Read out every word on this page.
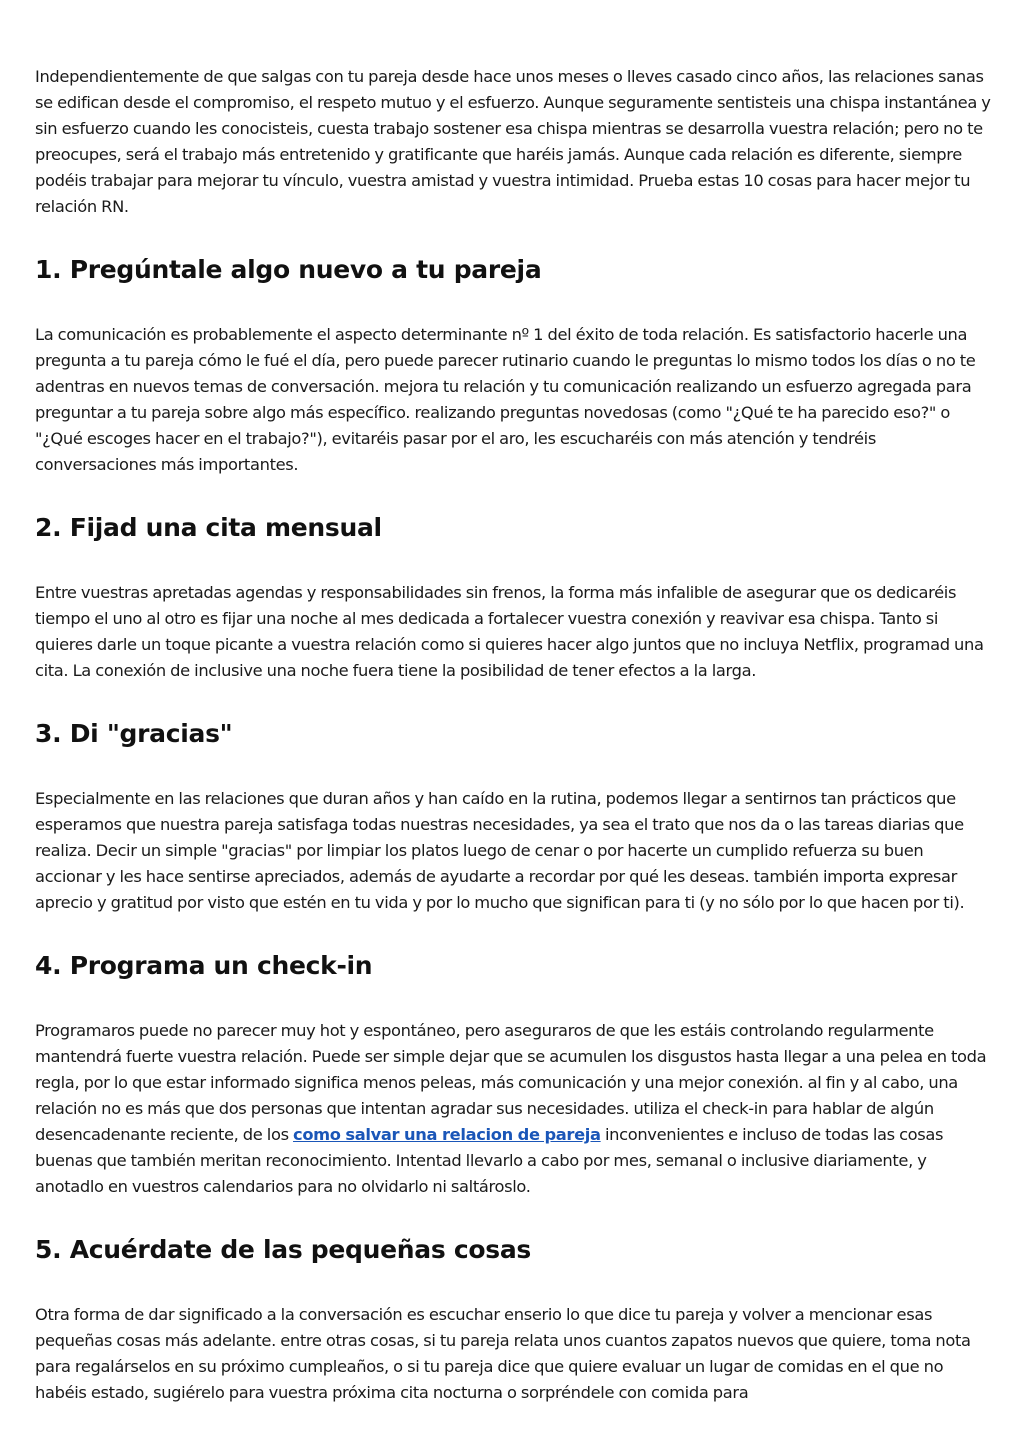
Independientemente de que salgas con tu pareja desde hace unos meses o lleves casado cinco años, las relaciones sanas se edifican desde el compromiso, el respeto mutuo y el esfuerzo. Aunque seguramente sentisteis una chispa instantánea y sin esfuerzo cuando les conocisteis, cuesta trabajo sostener esa chispa mientras se desarrolla vuestra relación; pero no te preocupes, será el trabajo más entretenido y gratificante que haréis jamás. Aunque cada relación es diferente, siempre podéis trabajar para mejorar tu vínculo, vuestra amistad y vuestra intimidad. Prueba estas 10 cosas para hacer mejor tu relación RN.

1. Pregúntale algo nuevo a tu pareja

La comunicación es probablemente el aspecto determinante nº 1 del éxito de toda relación. Es satisfactorio hacerle una pregunta a tu pareja cómo le fué el día, pero puede parecer rutinario cuando le preguntas lo mismo todos los días o no te adentras en nuevos temas de conversación. mejora tu relación y tu comunicación realizando un esfuerzo agregada para preguntar a tu pareja sobre algo más específico. realizando preguntas novedosas (como "¿Qué te ha parecido eso?" o "¿Qué escoges hacer en el trabajo?"), evitaréis pasar por el aro, les escucharéis con más atención y tendréis conversaciones más importantes.

2. Fijad una cita mensual

Entre vuestras apretadas agendas y responsabilidades sin frenos, la forma más infalible de asegurar que os dedicaréis tiempo el uno al otro es fijar una noche al mes dedicada a fortalecer vuestra conexión y reavivar esa chispa. Tanto si quieres darle un toque picante a vuestra relación como si quieres hacer algo juntos que no incluya Netflix, programad una cita. La conexión de inclusive una noche fuera tiene la posibilidad de tener efectos a la larga.

3. Di "gracias"

Especialmente en las relaciones que duran años y han caído en la rutina, podemos llegar a sentirnos tan prácticos que esperamos que nuestra pareja satisfaga todas nuestras necesidades, ya sea el trato que nos da o las tareas diarias que realiza. Decir un simple "gracias" por limpiar los platos luego de cenar o por hacerte un cumplido refuerza su buen accionar y les hace sentirse apreciados, además de ayudarte a recordar por qué les deseas. también importa expresar aprecio y gratitud por visto que estén en tu vida y por lo mucho que significan para ti (y no sólo por lo que hacen por ti).

4. Programa un check-in

Programaros puede no parecer muy hot y espontáneo, pero aseguraros de que les estáis controlando regularmente mantendrá fuerte vuestra relación. Puede ser simple dejar que se acumulen los disgustos hasta llegar a una pelea en toda regla, por lo que estar informado significa menos peleas, más comunicación y una mejor conexión. al fin y al cabo, una relación no es más que dos personas que intentan agradar sus necesidades. utiliza el check-in para hablar de algún desencadenante reciente, de los como salvar una relacion de pareja inconvenientes e incluso de todas las cosas buenas que también meritan reconocimiento. Intentad llevarlo a cabo por mes, semanal o inclusive diariamente, y anotadlo en vuestros calendarios para no olvidarlo ni saltároslo.

5. Acuérdate de las pequeñas cosas

Otra forma de dar significado a la conversación es escuchar enserio lo que dice tu pareja y volver a mencionar esas pequeñas cosas más adelante. entre otras cosas, si tu pareja relata unos cuantos zapatos nuevos que quiere, toma nota para regalárselos en su próximo cumpleaños, o si tu pareja dice que quiere evaluar un lugar de comidas en el que no habéis estado, sugiérelo para vuestra próxima cita nocturna o sorpréndele con comida para
